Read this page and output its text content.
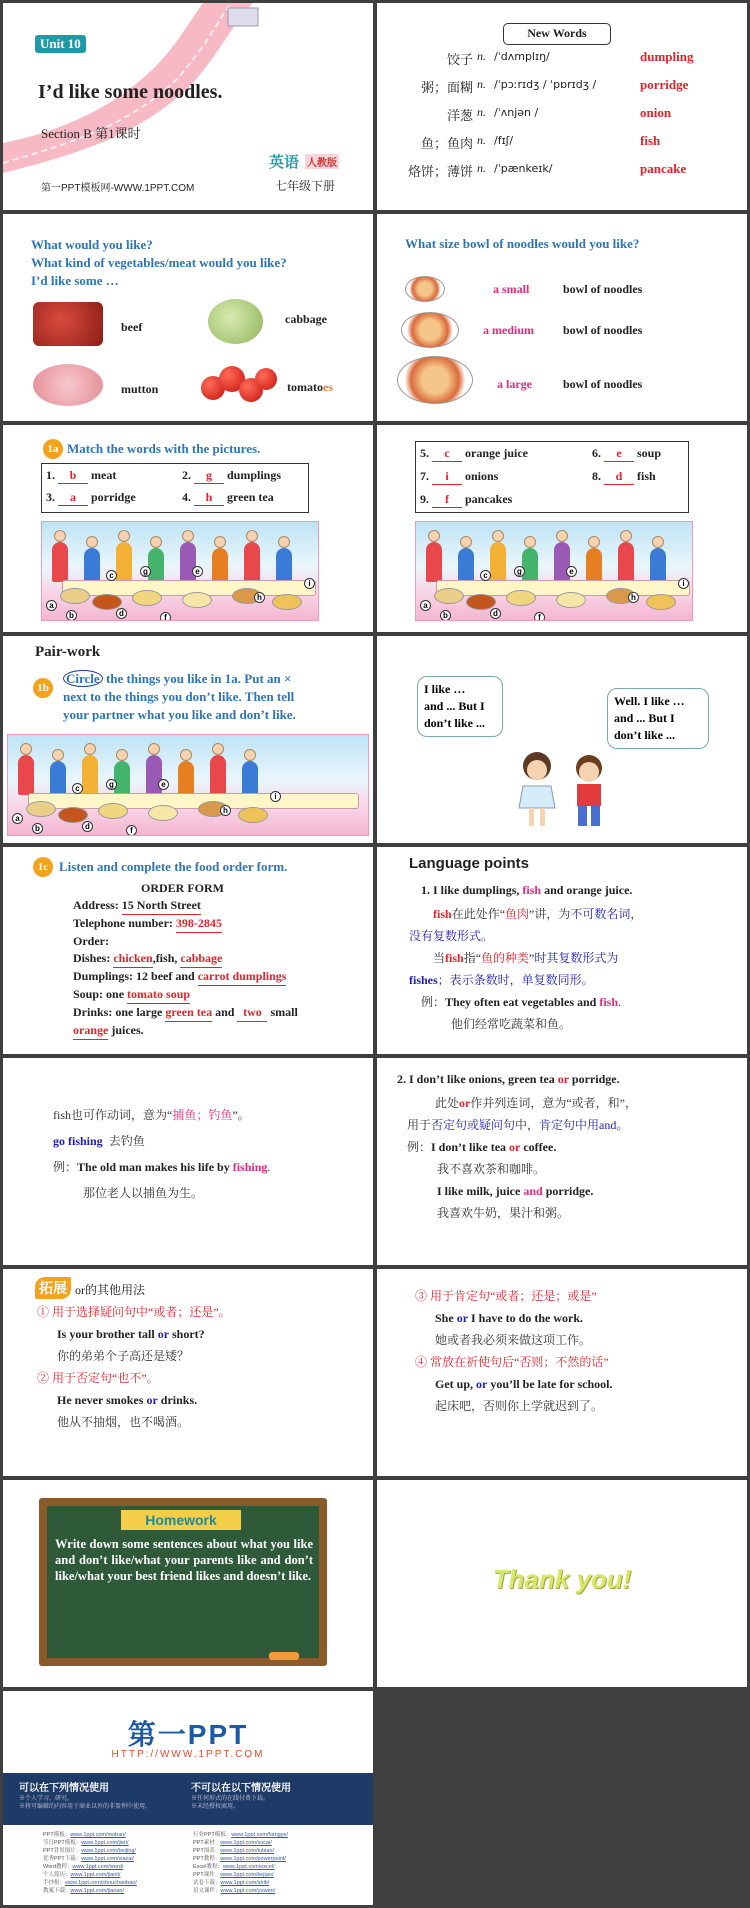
Unit 10
I’d like some noodles.
Section B 第1课时
英语 人教版
七年级下册
第一PPT模板网-WWW.1PPT.COM
New Words
饺子 n. /ˈdʌmplɪŋ/	dumpling
粥；面糊 n. /ˈpɔːrɪdʒ / ˈpɒrɪdʒ /	porridge
洋葱 n. /ˈʌnjən /	onion
鱼；鱼肉 n. /fɪʃ/	fish
烙饼；薄饼 n. /ˈpænkeɪk/	pancake
What would you like?
What kind of vegetables/meat would you like?
I’d like some …
beef
cabbage
mutton	tomatoes
What size bowl of noodles would you like?
a small	bowl of noodles
a medium bowl of noodles
a large	bowl of noodles
1a Match the words with the pictures.
1. b meat	2. g dumplings
3. a porridge	4. h green tea
a
b
c
d
e
f
g
h
i
5. c orange juice	6. e soup
7. i onions	8. d fish
9. f pancakes
a
b
c
d
e
f
g
h
i
Pair-work
1b
Circle the things you like in 1a. Put an ×
next to the things you don’t like. Then tell
your partner what you like and don’t like.
a
b
c
d
e
f
g
h
i
I like …
and ... But I
don’t like ...
Well. I like …
and ... But I
don’t like ...
1c Listen and complete the food order form.
ORDER FORM
Address: 15 North Street
Telephone number: 398-2845
Order:
Dishes: chicken,fish, cabbage
Dumplings: 12 beef and carrot dumplings
Soup: one tomato soup
Drinks: one large green tea and two small
orange juices.
Language points
1. I like dumplings, fish and orange juice.
fish在此处作“鱼肉”讲，为不可数名词，
没有复数形式。
当fish指“鱼的种类”时其复数形式为
fishes；表示条数时，单复数同形。
例：They often eat vegetables and fish.
他们经常吃蔬菜和鱼。
fish也可作动词，意为“捕鱼；钓鱼”。
go fishing 去钓鱼
例：The old man makes his life by fishing.
那位老人以捕鱼为生。
2. I don’t like onions, green tea or porridge.
此处or作并列连词，意为“或者，和”，
用于否定句或疑问句中，肯定句中用and。
例：I don’t like tea or coffee.
我不喜欢茶和咖啡。
I like milk, juice and porridge.
我喜欢牛奶，果汁和粥。
拓展 or的其他用法
① 用于选择疑问句中“或者；还是”。
Is your brother tall or short?
你的弟弟个子高还是矮？
② 用于否定句“也不”。
He never smokes or drinks.
他从不抽烟，也不喝酒。
③ 用于肯定句“或者；还是；或是”
She or I have to do the work.
她或者我必须来做这项工作。
④ 常放在祈使句后“否则；不然的话”
Get up, or you’ll be late for school.
起床吧，否则你上学就迟到了。
Homework
Write down some sentences about what you like and don’t like/what your parents like and don’t like/what your best friend likes and doesn’t like.	Thank you!
第一PPT
HTTP://WWW.1PPT.COM
可以在下列情况使用
※个人学习、研究。
※将可编辑的内容用于商业以外的非盈利中使用。
不可以在以下情况使用
※任何形式的在线付费下载。
※未经授权商用。
PPT模板：www.1ppt.com/moban/
节日PPT模板：www.1ppt.com/jieri/
PPT背景图片：www.1ppt.com/beijing/
优秀PPT下载：www.1ppt.com/xiazai/
Word教程：www.1ppt.com/word/
个人简历：www.1ppt.com/jianli/
手抄报：www.1ppt.com/shouchaobao/
教案下载：www.1ppt.com/jiaoan/
行业PPT模板：www.1ppt.com/hangye/
PPT素材：www.1ppt.com/sucai/
PPT图表：www.1ppt.com/tubiao/
PPT教程：www.1ppt.com/powerpoint/
Excel教程：www.1ppt.com/excel/
PPT课件：www.1ppt.com/kejian/
试卷下载：www.1ppt.com/shiti/
语文课件：www.1ppt.com/yuwen/
